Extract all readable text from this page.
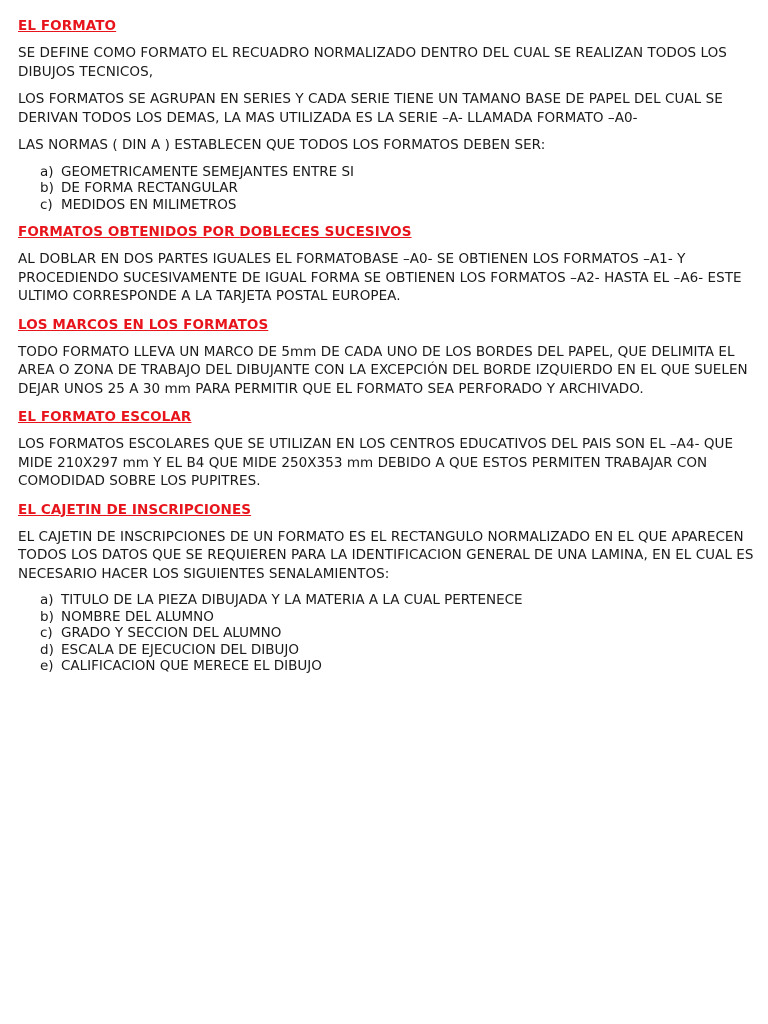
EL FORMATO

SE DEFINE COMO FORMATO EL RECUADRO NORMALIZADO DENTRO DEL CUAL SE REALIZAN TODOS LOS DIBUJOS TECNICOS,

LOS FORMATOS SE AGRUPAN EN SERIES Y CADA SERIE TIENE UN TAMANO BASE DE PAPEL DEL CUAL SE DERIVAN TODOS LOS DEMAS, LA MAS UTILIZADA ES LA SERIE –A- LLAMADA FORMATO –A0-

LAS NORMAS ( DIN A ) ESTABLECEN QUE TODOS LOS FORMATOS DEBEN SER:

a) GEOMETRICAMENTE SEMEJANTES ENTRE SI
b) DE FORMA RECTANGULAR
c) MEDIDOS EN MILIMETROS
FORMATOS OBTENIDOS POR DOBLECES SUCESIVOS

AL DOBLAR EN DOS PARTES IGUALES EL FORMATOBASE –A0- SE OBTIENEN LOS FORMATOS –A1- Y PROCEDIENDO SUCESIVAMENTE DE IGUAL FORMA SE OBTIENEN LOS FORMATOS –A2- HASTA EL –A6- ESTE ULTIMO CORRESPONDE A LA TARJETA POSTAL EUROPEA.

LOS MARCOS EN LOS FORMATOS

TODO FORMATO LLEVA UN MARCO DE 5mm DE CADA UNO DE LOS BORDES DEL PAPEL, QUE DELIMITA EL AREA O ZONA DE TRABAJO DEL DIBUJANTE CON LA EXCEPCIÓN DEL BORDE IZQUIERDO EN EL QUE SUELEN DEJAR UNOS 25 A 30 mm PARA PERMITIR QUE EL FORMATO SEA PERFORADO Y ARCHIVADO.

EL FORMATO ESCOLAR

LOS FORMATOS ESCOLARES QUE SE UTILIZAN EN LOS CENTROS EDUCATIVOS DEL PAIS SON EL –A4- QUE MIDE 210X297 mm Y EL B4 QUE MIDE 250X353 mm DEBIDO A QUE ESTOS PERMITEN TRABAJAR CON COMODIDAD SOBRE LOS PUPITRES.

EL CAJETIN DE INSCRIPCIONES

EL CAJETIN DE INSCRIPCIONES DE UN FORMATO ES EL RECTANGULO NORMALIZADO EN EL QUE APARECEN TODOS LOS DATOS QUE SE REQUIEREN PARA LA IDENTIFICACION GENERAL DE UNA LAMINA, EN EL CUAL ES NECESARIO HACER LOS SIGUIENTES SENALAMIENTOS:

a) TITULO DE LA PIEZA DIBUJADA Y LA MATERIA A LA CUAL PERTENECE
b) NOMBRE DEL ALUMNO
c) GRADO Y SECCION DEL ALUMNO
d) ESCALA DE EJECUCION DEL DIBUJO
e) CALIFICACION QUE MERECE EL DIBUJO
